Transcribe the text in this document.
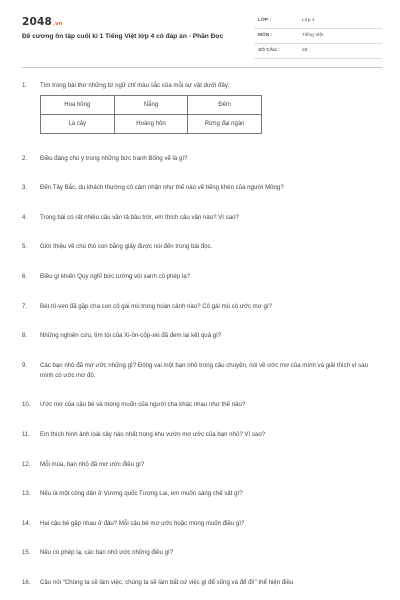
2048.vn
Đề cương ôn tập cuối kì 1 Tiếng Việt lớp 4 có đáp án - Phần Đọc
LỚP :	Lớp 4
MÔN :	Tiếng Việt
SỐ CÂU :	28
1. Tìm trong bài thơ những từ ngữ chỉ màu sắc của mỗi sự vật dưới đây:
Hoa hồng	Nắng	Đêm
Lá cây	Hoàng hôn	Rừng đại ngàn
2. Điều đáng chú ý trong những bức tranh Bống vẽ là gì?
3. Đến Tây Bắc, du khách thường có cảm nhận như thế nào về tiếng khèn của người Mông?
4. Trong bài có rất nhiều câu văn tả bầu trời, em thích câu văn nào? Vì sao?
5. Giới thiệu về chú thỏ con bằng giấy được nói đến trong bài đọc.
6. Điều gì khiến Quy nghĩ bức tường vôi xanh có phép lạ?
7. Bét-tô-ven đã gặp cha con cô gái mù trong hoàn cảnh nào? Cô gái mù có ước mơ gì?
8. Những nghiên cứu, tìm tòi của Xi-ôn-cốp-xki đã đem lại kết quả gì?
9. Các bạn nhỏ đã mơ ước những gì? Đóng vai một bạn nhỏ trong câu chuyện, nói về ước mơ của mình và giải thích vì sao mình có ước mơ đó.
10. Ước mơ của cậu bé và mong muốn của người cha khác nhau như thế nào?
11. Em thích hình ảnh loài cây nào nhất trong khu vườn mơ ước của bạn nhỏ? Vì sao?
12. Mỗi mùa, bạn nhỏ đã mơ ước điều gì?
13. Nếu là một công dân ở Vương quốc Tương Lai, em muốn sáng chế vật gì?
14. Hai cậu bé gặp nhau ở đâu? Mỗi cậu bé mơ ước hoặc mong muốn điều gì?
15. Nếu có phép lạ, các bạn nhỏ ước những điều gì?
16. Câu nói "Chúng ta sẽ làm việc, chúng ta sẽ làm bất cứ việc gì để sống và để đi!" thể hiện điều
